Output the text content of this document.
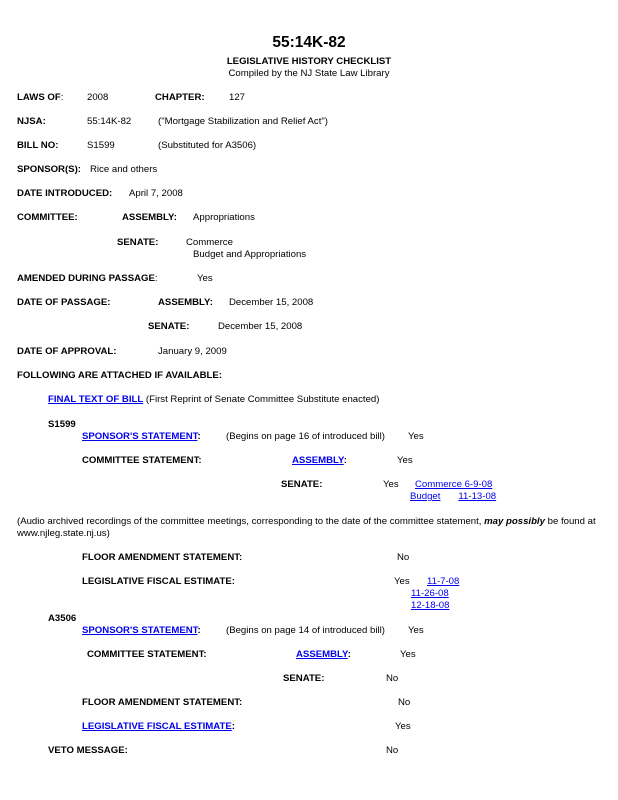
55:14K-82
LEGISLATIVE HISTORY CHECKLIST
Compiled by the NJ State Law Library
LAWS OF: 2008	CHAPTER:	127
NJSA:	55:14K-82	("Mortgage Stabilization and Relief Act")
BILL NO:	S1599	(Substituted for A3506)
SPONSOR(S): Rice and others
DATE INTRODUCED: April 7, 2008
COMMITTEE:	ASSEMBLY: Appropriations
SENATE:	Commerce
Budget and Appropriations
AMENDED DURING PASSAGE:	Yes
DATE OF PASSAGE:	ASSEMBLY: December 15, 2008
SENATE:	December 15, 2008
DATE OF APPROVAL:	January 9, 2009
FOLLOWING ARE ATTACHED IF AVAILABLE:
FINAL TEXT OF BILL (First Reprint of Senate Committee Substitute enacted)
S1599
SPONSOR'S STATEMENT:	(Begins on page 16 of introduced bill) Yes
COMMITTEE STATEMENT:	ASSEMBLY:	Yes
SENATE:	Yes Commerce 6-9-08
Budget 11-13-08
(Audio archived recordings of the committee meetings, corresponding to the date of the committee statement, may possibly be found at www.njleg.state.nj.us)
FLOOR AMENDMENT STATEMENT:	No
LEGISLATIVE FISCAL ESTIMATE:	Yes 11-7-08
11-26-08
12-18-08
A3506
SPONSOR'S STATEMENT:	(Begins on page 14 of introduced bill) Yes
COMMITTEE STATEMENT:	ASSEMBLY:	Yes
SENATE:	No
FLOOR AMENDMENT STATEMENT:	No
LEGISLATIVE FISCAL ESTIMATE:	Yes
VETO MESSAGE:	No
